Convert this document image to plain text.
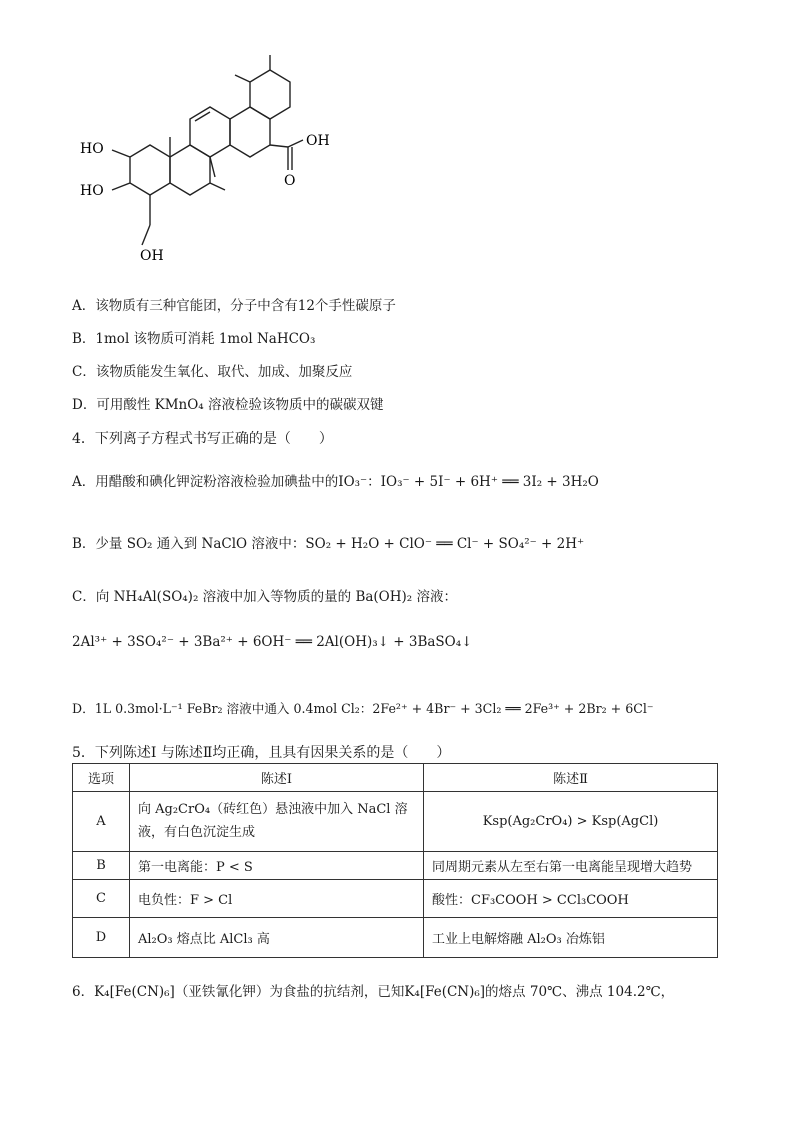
OH
O
HO
HO
OH
A．该物质有三种官能团，分子中含有12个手性碳原子
B．1mol 该物质可消耗 1mol NaHCO₃
C．该物质能发生氧化、取代、加成、加聚反应
D．可用酸性 KMnO₄ 溶液检验该物质中的碳碳双键
4．下列离子方程式书写正确的是（　　）
A．用醋酸和碘化钾淀粉溶液检验加碘盐中的IO₃⁻：IO₃⁻ + 5I⁻ + 6H⁺ ══ 3I₂ + 3H₂O
B．少量 SO₂ 通入到 NaClO 溶液中：SO₂ + H₂O + ClO⁻ ══ Cl⁻ + SO₄²⁻ + 2H⁺
C．向 NH₄Al(SO₄)₂ 溶液中加入等物质的量的 Ba(OH)₂ 溶液：
2Al³⁺ + 3SO₄²⁻ + 3Ba²⁺ + 6OH⁻ ══ 2Al(OH)₃↓ + 3BaSO₄↓
D．1L 0.3mol·L⁻¹ FeBr₂ 溶液中通入 0.4mol Cl₂：2Fe²⁺ + 4Br⁻ + 3Cl₂ ══ 2Fe³⁺ + 2Br₂ + 6Cl⁻
5．下列陈述Ⅰ 与陈述Ⅱ均正确，且具有因果关系的是（　　）
选项	陈述Ⅰ	陈述Ⅱ
A	向 Ag₂CrO₄（砖红色）悬浊液中加入 NaCl 溶液，有白色沉淀生成	Ksp(Ag₂CrO₄) > Ksp(AgCl)
B	第一电离能：P < S	同周期元素从左至右第一电离能呈现增大趋势
C	电负性：F > Cl	酸性：CF₃COOH > CCl₃COOH
D	Al₂O₃ 熔点比 AlCl₃ 高	工业上电解熔融 Al₂O₃ 冶炼铝
6．K₄[Fe(CN)₆]（亚铁氰化钾）为食盐的抗结剂，已知K₄[Fe(CN)₆]的熔点 70℃、沸点 104.2℃，
